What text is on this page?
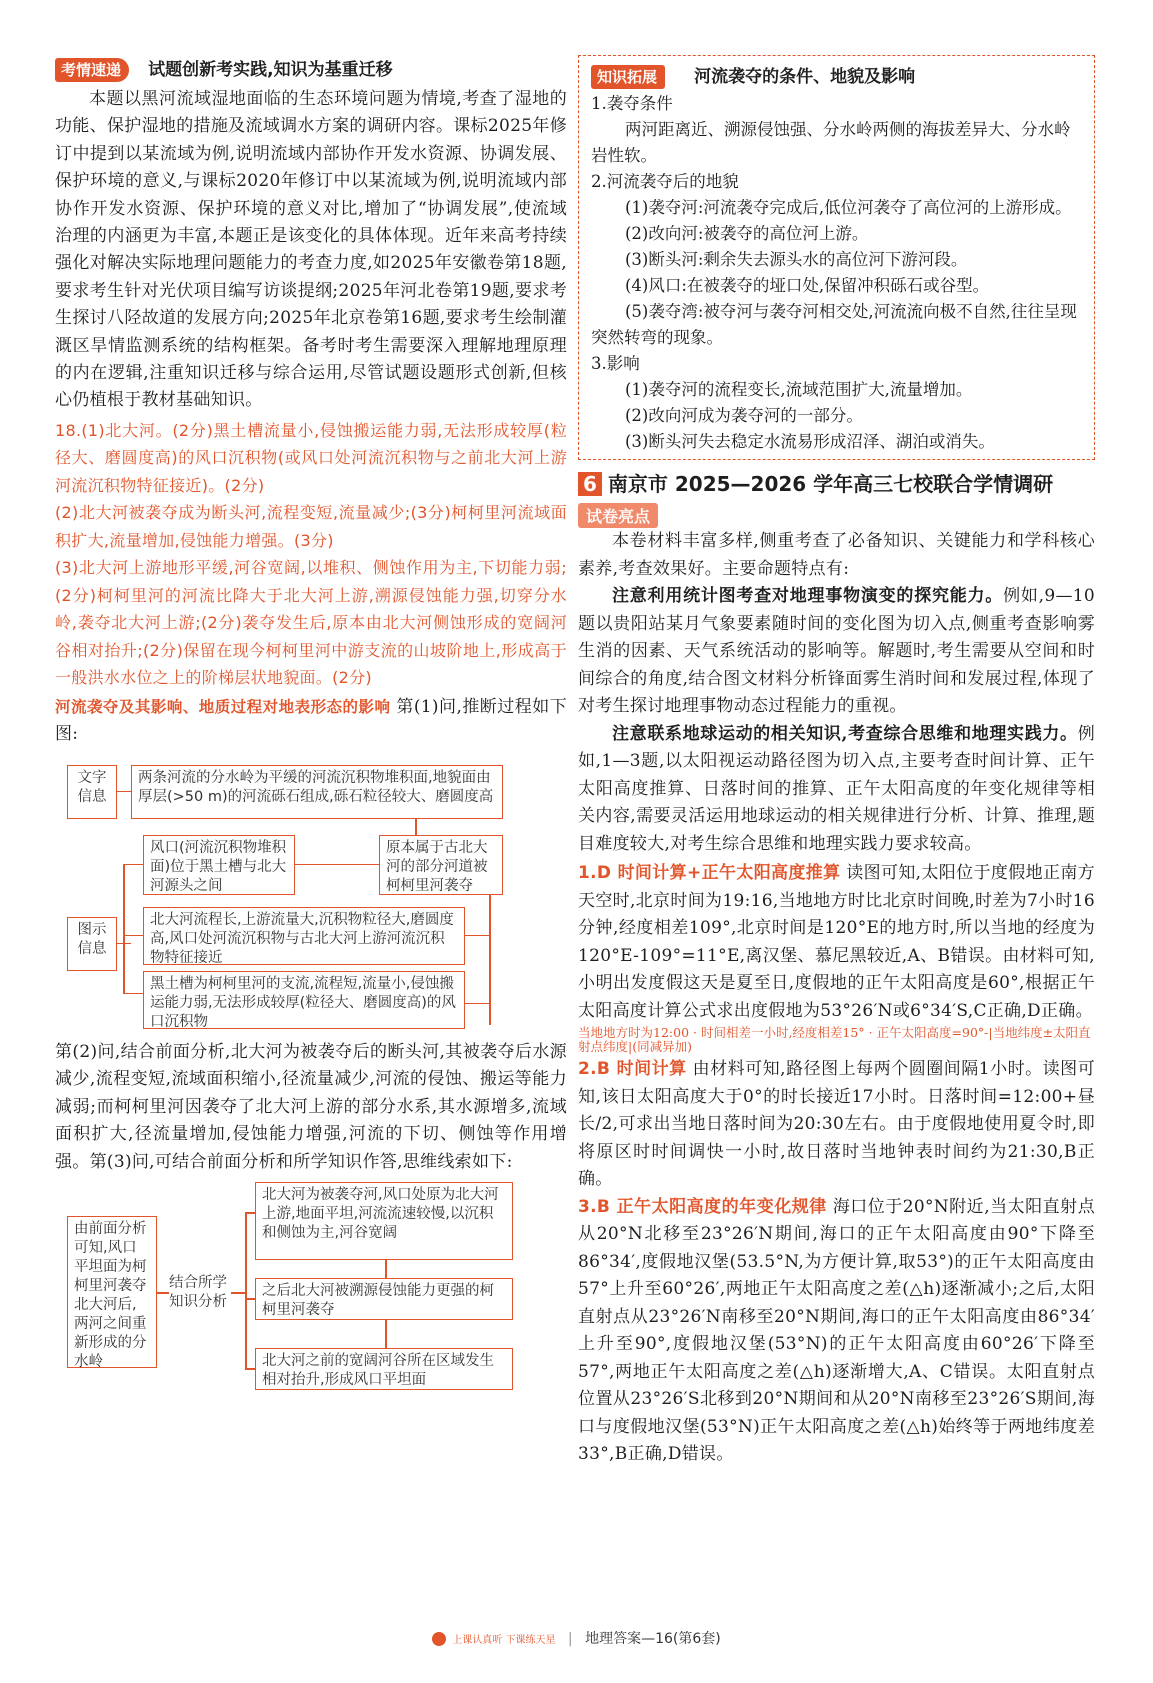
考情速递 试题创新考实践,知识为基重迁移

本题以黑河流域湿地面临的生态环境问题为情境,考查了湿地的功能、保护湿地的措施及流域调水方案的调研内容。课标2025年修订中提到以某流域为例,说明流域内部协作开发水资源、协调发展、保护环境的意义,与课标2020年修订中以某流域为例,说明流域内部协作开发水资源、保护环境的意义对比,增加了“协调发展”,使流域治理的内涵更为丰富,本题正是该变化的具体体现。近年来高考持续强化对解决实际地理问题能力的考查力度,如2025年安徽卷第18题,要求考生针对光伏项目编写访谈提纲;2025年河北卷第19题,要求考生探讨八陉故道的发展方向;2025年北京卷第16题,要求考生绘制灌溉区旱情监测系统的结构框架。备考时考生需要深入理解地理原理的内在逻辑,注重知识迁移与综合运用,尽管试题设题形式创新,但核心仍植根于教材基础知识。

18.(1)北大河。(2分)黑土槽流量小,侵蚀搬运能力弱,无法形成较厚(粒径大、磨圆度高)的风口沉积物(或风口处河流沉积物与之前北大河上游河流沉积物特征接近)。(2分)

(2)北大河被袭夺成为断头河,流程变短,流量减少;(3分)柯柯里河流域面积扩大,流量增加,侵蚀能力增强。(3分)

(3)北大河上游地形平缓,河谷宽阔,以堆积、侧蚀作用为主,下切能力弱;(2分)柯柯里河的河流比降大于北大河上游,溯源侵蚀能力强,切穿分水岭,袭夺北大河上游;(2分)袭夺发生后,原本由北大河侧蚀形成的宽阔河谷相对抬升;(2分)保留在现今柯柯里河中游支流的山坡阶地上,形成高于一般洪水水位之上的阶梯层状地貌面。(2分)

河流袭夺及其影响、地质过程对地表形态的影响 第(1)问,推断过程如下图:

文字信息
两条河流的分水岭为平缓的河流沉积物堆积面,地貌面由厚层(>50 m)的河流砾石组成,砾石粒径较大、磨圆度高
风口(河流沉积物堆积面)位于黑土槽与北大河源头之间
原本属于古北大河的部分河道被柯柯里河袭夺
图示信息
北大河流程长,上游流量大,沉积物粒径大,磨圆度高,风口处河流沉积物与古北大河上游河流沉积物特征接近
黑土槽为柯柯里河的支流,流程短,流量小,侵蚀搬运能力弱,无法形成较厚(粒径大、磨圆度高)的风口沉积物

第(2)问,结合前面分析,北大河为被袭夺后的断头河,其被袭夺后水源减少,流程变短,流域面积缩小,径流量减少,河流的侵蚀、搬运等能力减弱;而柯柯里河因袭夺了北大河上游的部分水系,其水源增多,流域面积扩大,径流量增加,侵蚀能力增强,河流的下切、侧蚀等作用增强。第(3)问,可结合前面分析和所学知识作答,思维线索如下:

由前面分析可知,风口平坦面为柯柯里河袭夺北大河后,两河之间重新形成的分水岭
结合所学知识分析
北大河为被袭夺河,风口处原为北大河上游,地面平坦,河流流速较慢,以沉积和侧蚀为主,河谷宽阔
之后北大河被溯源侵蚀能力更强的柯柯里河袭夺
北大河之前的宽阔河谷所在区域发生相对抬升,形成风口平坦面
知识拓展 河流袭夺的条件、地貌及影响

1.袭夺条件

两河距离近、溯源侵蚀强、分水岭两侧的海拔差异大、分水岭岩性软。

2.河流袭夺后的地貌

(1)袭夺河:河流袭夺完成后,低位河袭夺了高位河的上游形成。

(2)改向河:被袭夺的高位河上游。

(3)断头河:剩余失去源头水的高位河下游河段。

(4)风口:在被袭夺的垭口处,保留冲积砾石或谷型。

(5)袭夺湾:被夺河与袭夺河相交处,河流流向极不自然,往往呈现突然转弯的现象。

3.影响

(1)袭夺河的流程变长,流域范围扩大,流量增加。

(2)改向河成为袭夺河的一部分。

(3)断头河失去稳定水流易形成沼泽、湖泊或消失。

6 南京市 2025—2026 学年高三七校联合学情调研
试卷亮点

本卷材料丰富多样,侧重考查了必备知识、关键能力和学科核心素养,考查效果好。主要命题特点有:

注意利用统计图考查对地理事物演变的探究能力。例如,9—10题以贵阳站某月气象要素随时间的变化图为切入点,侧重考查影响雾生消的因素、天气系统活动的影响等。解题时,考生需要从空间和时间综合的角度,结合图文材料分析锋面雾生消时间和发展过程,体现了对考生探讨地理事物动态过程能力的重视。

注意联系地球运动的相关知识,考查综合思维和地理实践力。例如,1—3题,以太阳视运动路径图为切入点,主要考查时间计算、正午太阳高度推算、日落时间的推算、正午太阳高度的年变化规律等相关内容,需要灵活运用地球运动的相关规律进行分析、计算、推理,题目难度较大,对考生综合思维和地理实践力要求较高。

1.D 时间计算+正午太阳高度推算 读图可知,太阳位于度假地正南方天空时,北京时间为19:16,当地地方时比北京时间晚,时差为7小时16分钟,经度相差109°,北京时间是120°E的地方时,所以当地的经度为120°E-109°=11°E,离汉堡、慕尼黑较近,A、B错误。由材料可知,小明出发度假这天是夏至日,度假地的正午太阳高度是60°,根据正午太阳高度计算公式求出度假地为53°26′N或6°34′S,C正确,D正确。

当地地方时为12:00 · 时间相差一小时,经度相差15° · 正午太阳高度=90°-|当地纬度±太阳直射点纬度|(同减异加)

2.B 时间计算 由材料可知,路径图上每两个圆圈间隔1小时。读图可知,该日太阳高度大于0°的时长接近17小时。日落时间=12:00+昼长/2,可求出当地日落时间为20:30左右。由于度假地使用夏令时,即将原区时时间调快一小时,故日落时当地钟表时间约为21:30,B正确。

3.B 正午太阳高度的年变化规律 海口位于20°N附近,当太阳直射点从20°N北移至23°26′N期间,海口的正午太阳高度由90°下降至86°34′,度假地汉堡(53.5°N,为方便计算,取53°)的正午太阳高度由57°上升至60°26′,两地正午太阳高度之差(△h)逐渐减小;之后,太阳直射点从23°26′N南移至20°N期间,海口的正午太阳高度由86°34′上升至90°,度假地汉堡(53°N)的正午太阳高度由60°26′下降至57°,两地正午太阳高度之差(△h)逐渐增大,A、C错误。太阳直射点位置从23°26′S北移到20°N期间和从20°N南移至23°26′S期间,海口与度假地汉堡(53°N)正午太阳高度之差(△h)始终等于两地纬度差33°,B正确,D错误。

上课认真听 下课练天星 | 地理答案—16(第6套)
